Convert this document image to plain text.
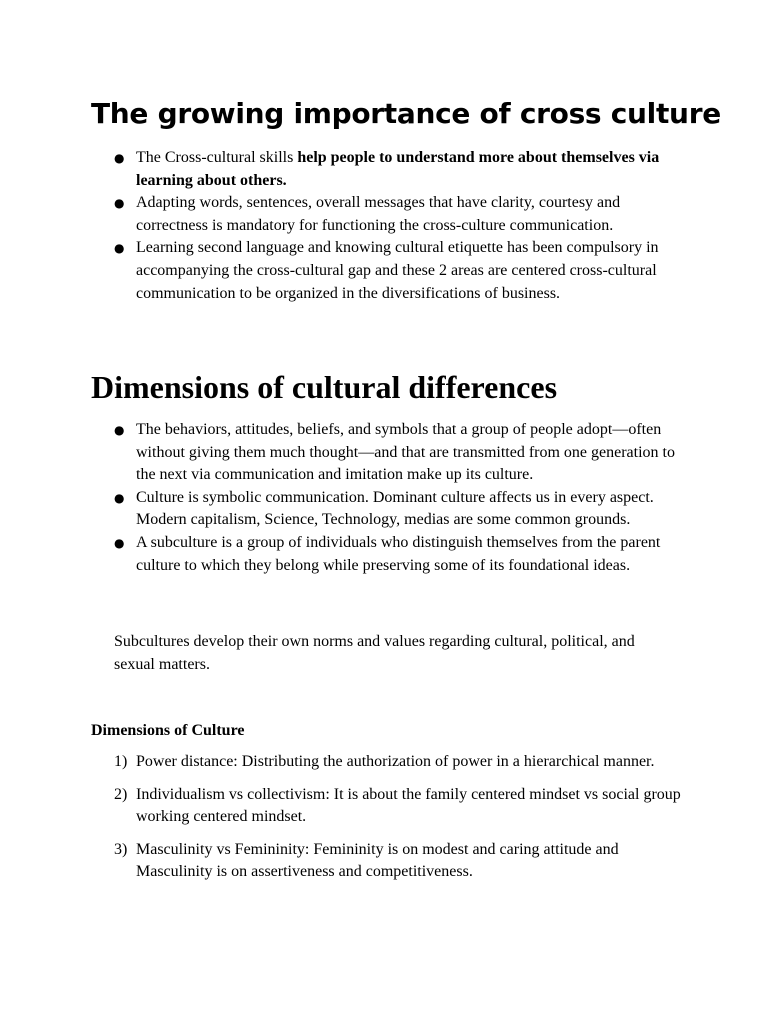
The growing importance of cross culture
● The Cross-cultural skills help people to understand more about themselves via learning about others.
● Adapting words, sentences, overall messages that have clarity, courtesy and correctness is mandatory for functioning the cross-culture communication.
● Learning second language and knowing cultural etiquette has been compulsory in accompanying the cross-cultural gap and these 2 areas are centered cross-cultural communication to be organized in the diversifications of business.
Dimensions of cultural differences
● The behaviors, attitudes, beliefs, and symbols that a group of people adopt—often without giving them much thought—and that are transmitted from one generation to the next via communication and imitation make up its culture.
● Culture is symbolic communication. Dominant culture affects us in every aspect. Modern capitalism, Science, Technology, medias are some common grounds.
● A subculture is a group of individuals who distinguish themselves from the parent culture to which they belong while preserving some of its foundational ideas.

Subcultures develop their own norms and values regarding cultural, political, and sexual matters.

Dimensions of Culture
1) Power distance: Distributing the authorization of power in a hierarchical manner.
2) Individualism vs collectivism: It is about the family centered mindset vs social group working centered mindset.
3) Masculinity vs Femininity: Femininity is on modest and caring attitude and Masculinity is on assertiveness and competitiveness.
